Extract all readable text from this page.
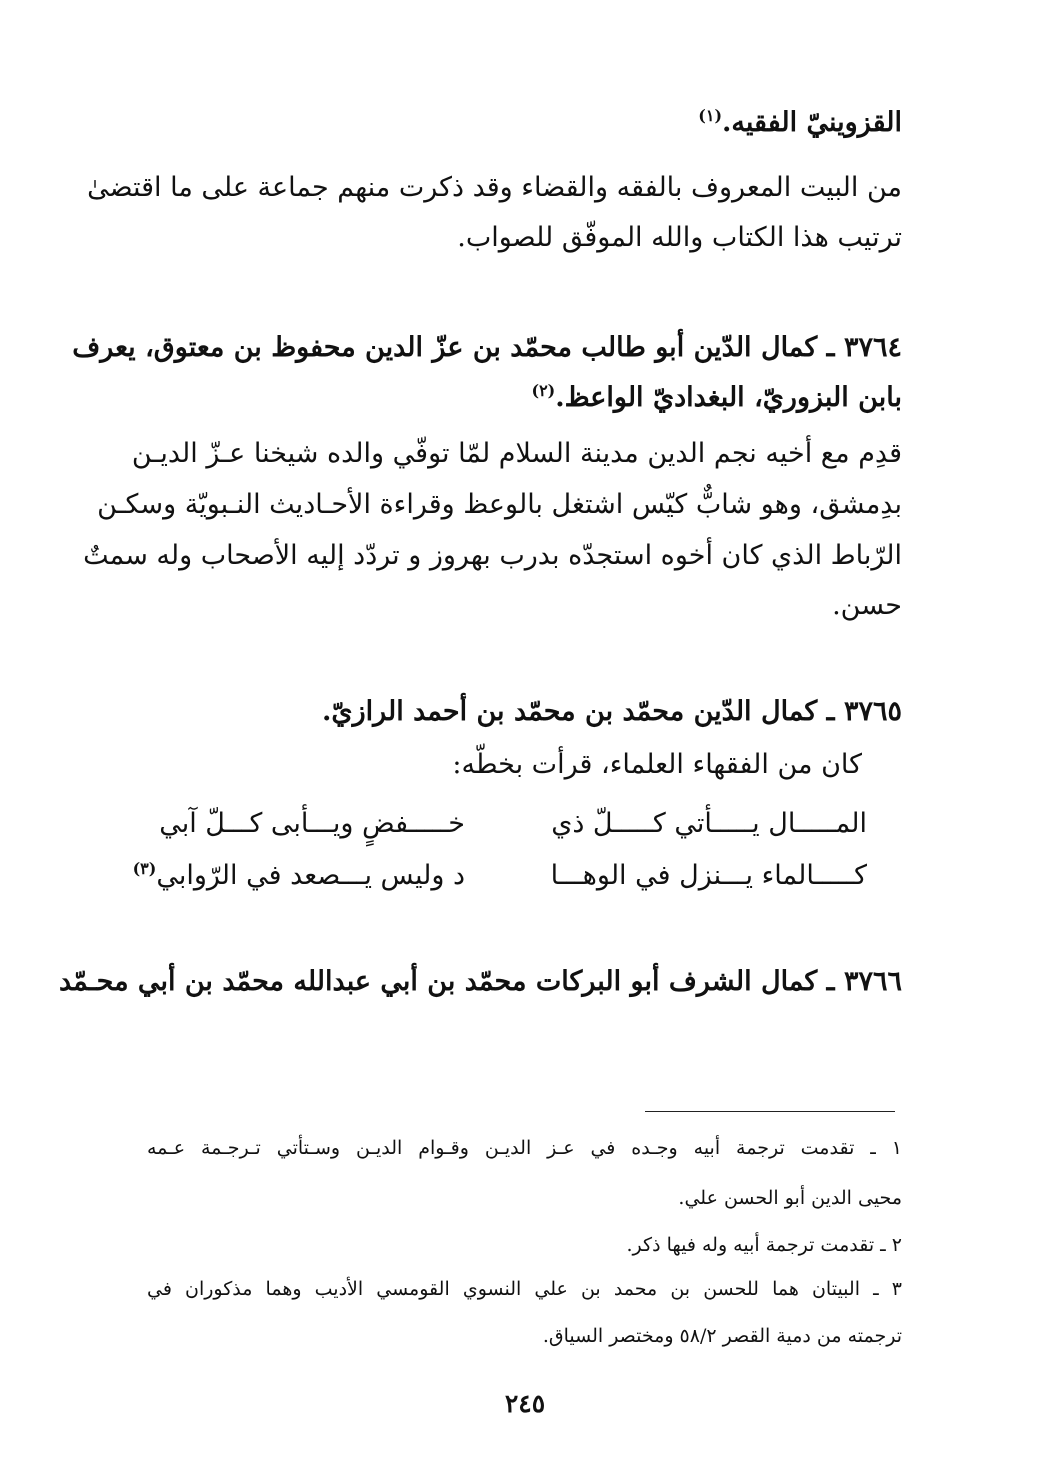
القزوينيّ الفقيه.$^{(١)}$
من البيت المعروف بالفقه والقضاء وقد ذكرت منهم جماعة على ما اقتضىٰ
ترتيب هذا الكتاب والله الموفّق للصواب.
٣٧٦٤ ـ كمال الدّين أبو طالب محمّد بن عزّ الدين محفوظ بن معتوق، يعرف
بابن البزوريّ، البغداديّ الواعظ.$^{(٢)}$
قدِم مع أخيه نجم الدين مدينة السلام لمّا توفّي والده شيخنا عـزّ الديـن
بدِمشق، وهو شابٌّ كيّس اشتغل بالوعظ وقراءة الأحـاديث النـبويّة وسكـن
الرّباط الذي كان أخوه استجدّه بدرب بهروز و تردّد إليه الأصحاب وله سمتٌ
حسن.
٣٧٦٥ ـ كمال الدّين محمّد بن محمّد بن أحمد الرازيّ.
كان من الفقهاء العلماء، قرأت بخطّه:
المـــــال يـــــأتي كـــــلّ ذي
خـــــفضٍ ويـــأبى كـــلّ آبي
كـــــالماء يـــنزل في الوهـــا
د وليس يـــصعد في الرّوابي$^{(٣)}$
٣٧٦٦ ـ كمال الشرف أبو البركات محمّد بن أبي عبدالله محمّد بن أبي محـمّد
١ ـ تقدمت ترجمة أبيه وجـده في عـز الديـن وقـوام الديـن وسـتأتي تـرجـمة عـمه
محيى الدين أبو الحسن علي.
٢ ـ تقدمت ترجمة أبيه وله فيها ذكر.
٣ ـ البيتان هما للحسن بن محمد بن علي النسوي القومسي الأديب وهما مذكوران في
ترجمته من دمية القصر ٥٨/٢ ومختصر السياق.
٢٤٥
